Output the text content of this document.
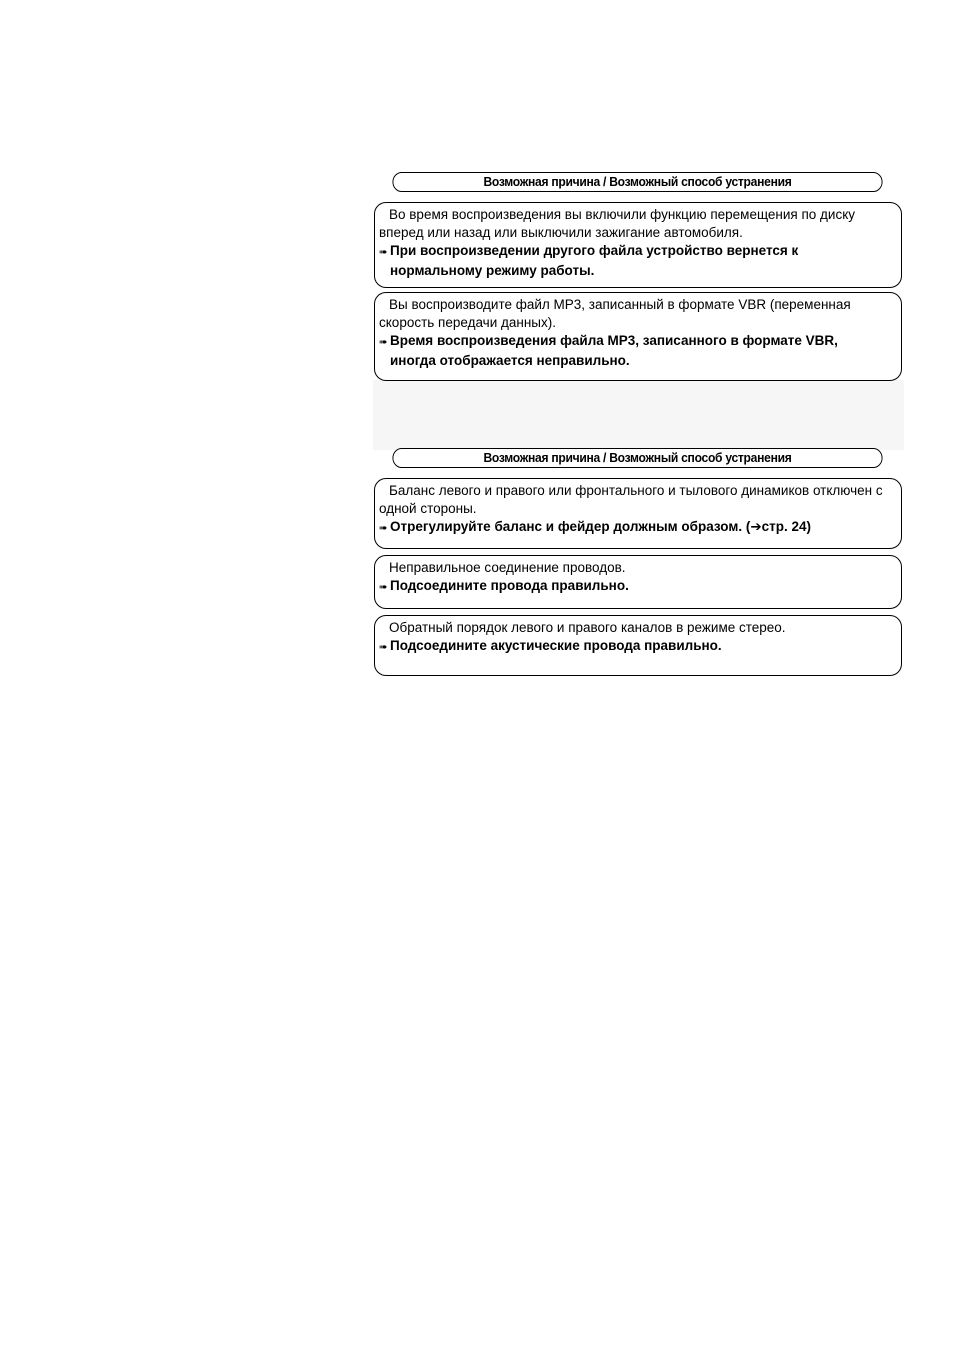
Возможная причина / Возможный способ устранения

Во время воспроизведения вы включили функцию перемещения по диску вперед или назад или выключили зажигание автомобиля.

➠ При воспроизведении другого файла устройство вернется к нормальному режиму работы.

Вы воспроизводите файл MP3, записанный в формате VBR (переменная скорость передачи данных).

➠ Время воспроизведения файла MP3, записанного в формате VBR, иногда отображается неправильно.

Возможная причина / Возможный способ устранения

Баланс левого и правого или фронтального и тылового динамиков отключен с одной стороны.

➠ Отрегулируйте баланс и фейдер должным образом. (➔стр. 24)

Неправильное соединение проводов.

➠ Подсоедините провода правильно.

Обратный порядок левого и правого каналов в режиме стерео.

➠ Подсоедините акустические провода правильно.
